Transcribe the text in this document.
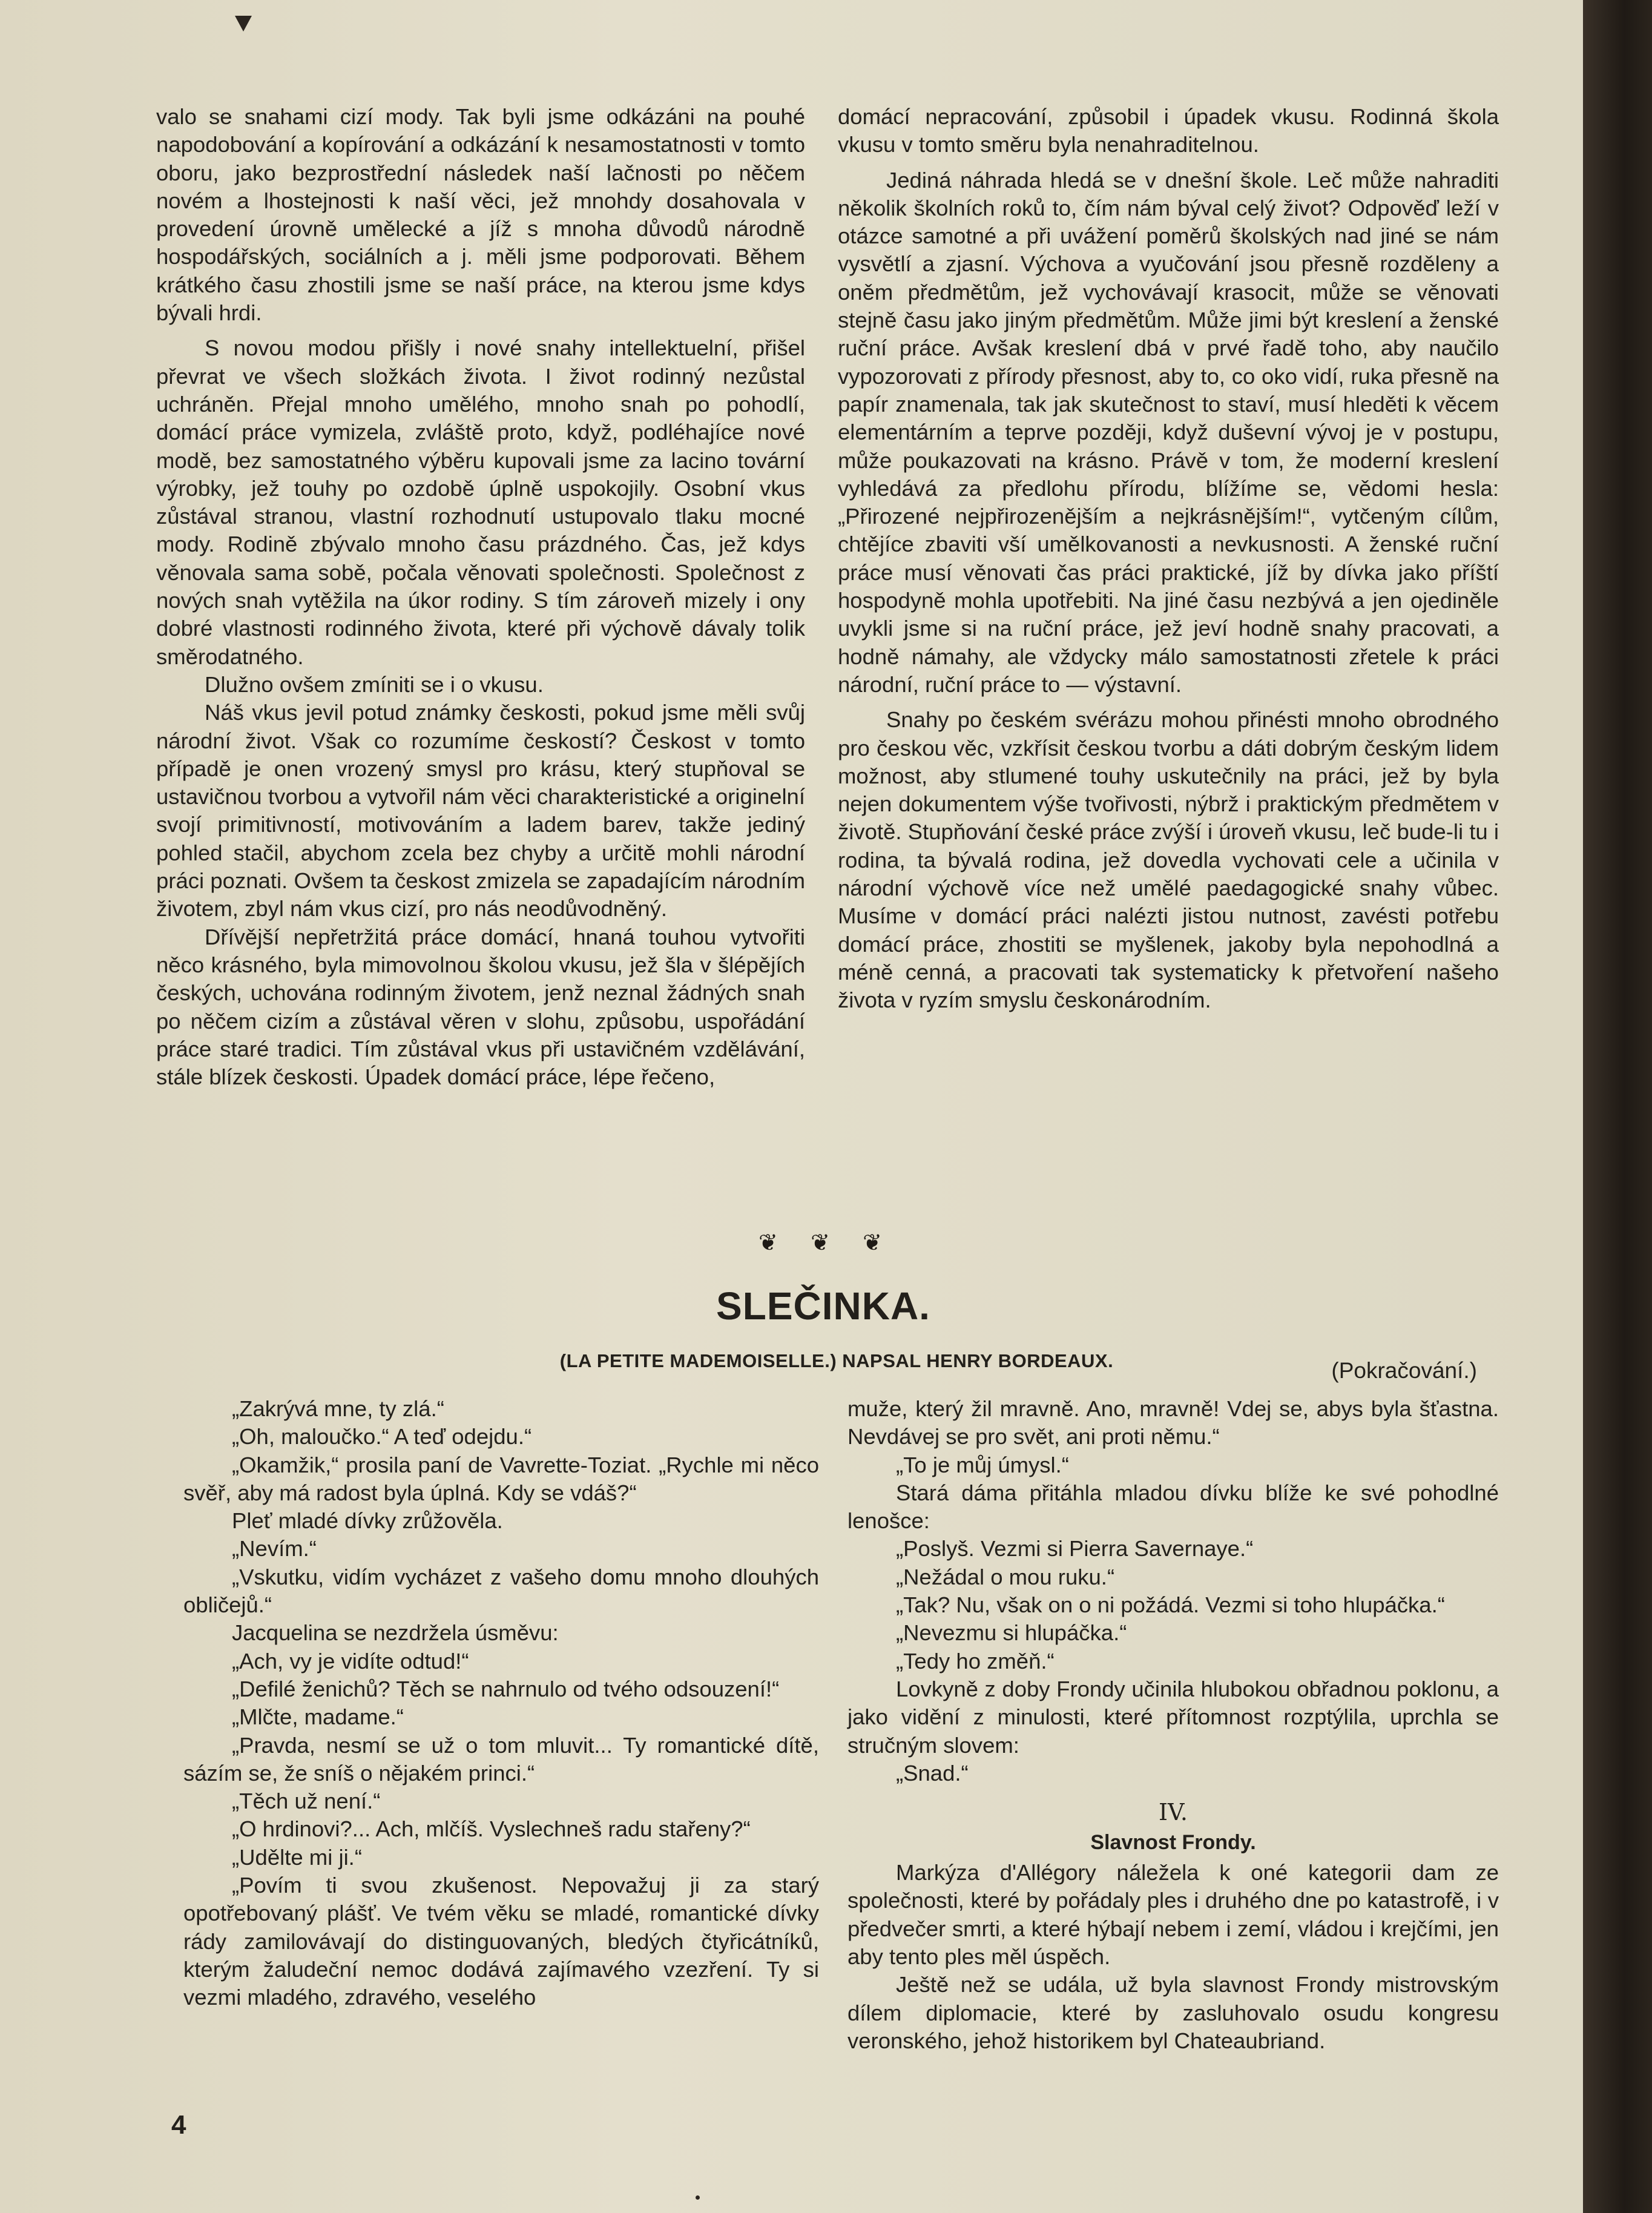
valo se snahami cizí mody. Tak byli jsme odkázáni na pouhé napodobování a kopírování a odkázání k nesamostatnosti v tomto oboru, jako bezprostřední následek naší lačnosti po něčem novém a lhostejnosti k naší věci, jež mnohdy dosahovala v provedení úrovně umělecké a jíž s mnoha důvodů národně hospodářských, sociálních a j. měli jsme podporovati. Během krátkého času zhostili jsme se naší práce, na kterou jsme kdys bývali hrdi.

S novou modou přišly i nové snahy intellektuelní, přišel převrat ve všech složkách života. I život rodinný nezůstal uchráněn. Přejal mnoho umělého, mnoho snah po pohodlí, domácí práce vymizela, zvláště proto, když, podléhajíce nové modě, bez samostatného výběru kupovali jsme za lacino tovární výrobky, jež touhy po ozdobě úplně uspokojily. Osobní vkus zůstával stranou, vlastní rozhodnutí ustupovalo tlaku mocné mody. Rodině zbývalo mnoho času prázdného. Čas, jež kdys věnovala sama sobě, počala věnovati společnosti. Společnost z nových snah vytěžila na úkor rodiny. S tím zároveň mizely i ony dobré vlastnosti rodinného života, které při výchově dávaly tolik směrodatného.

Dlužno ovšem zmíniti se i o vkusu.

Náš vkus jevil potud známky českosti, pokud jsme měli svůj národní život. Však co rozumíme českostí? Českost v tomto případě je onen vrozený smysl pro krásu, který stupňoval se ustavičnou tvorbou a vytvořil nám věci charakteristické a originelní svojí primitivností, motivováním a ladem barev, takže jediný pohled stačil, abychom zcela bez chyby a určitě mohli národní práci poznati. Ovšem ta českost zmizela se zapadajícím národním životem, zbyl nám vkus cizí, pro nás neodůvodněný.

Dřívější nepřetržitá práce domácí, hnaná touhou vytvořiti něco krásného, byla mimovolnou školou vkusu, jež šla v šlépějích českých, uchována rodinným životem, jenž neznal žádných snah po něčem cizím a zůstával věren v slohu, způsobu, uspořádání práce staré tradici. Tím zůstával vkus při ustavičném vzdělávání, stále blízek českosti. Úpadek domácí práce, lépe řečeno,

domácí nepracování, způsobil i úpadek vkusu. Rodinná škola vkusu v tomto směru byla nenahraditelnou.

Jediná náhrada hledá se v dnešní škole. Leč může nahraditi několik školních roků to, čím nám býval celý život? Odpověď leží v otázce samotné a při uvážení poměrů školských nad jiné se nám vysvětlí a zjasní. Výchova a vyučování jsou přesně rozděleny a oněm předmětům, jež vychovávají krasocit, může se věnovati stejně času jako jiným předmětům. Může jimi být kreslení a ženské ruční práce. Avšak kreslení dbá v prvé řadě toho, aby naučilo vypozorovati z přírody přesnost, aby to, co oko vidí, ruka přesně na papír znamenala, tak jak skutečnost to staví, musí hleděti k věcem elementárním a teprve později, když duševní vývoj je v postupu, může poukazovati na krásno. Právě v tom, že moderní kreslení vyhledává za předlohu přírodu, blížíme se, vědomi hesla: „Přirozené nejpřirozenějším a nejkrásnějším!“, vytčeným cílům, chtějíce zbaviti vší umělkovanosti a nevkusnosti. A ženské ruční práce musí věnovati čas práci praktické, jíž by dívka jako příští hospodyně mohla upotřebiti. Na jiné času nezbývá a jen ojediněle uvykli jsme si na ruční práce, jež jeví hodně snahy pracovati, a hodně námahy, ale vždycky málo samostatnosti zřetele k práci národní, ruční práce to — výstavní.

Snahy po českém svérázu mohou přinésti mnoho obrodného pro českou věc, vzkřísit českou tvorbu a dáti dobrým českým lidem možnost, aby stlumené touhy uskutečnily na práci, jež by byla nejen dokumentem výše tvořivosti, nýbrž i praktickým předmětem v životě. Stupňování české práce zvýší i úroveň vkusu, leč bude-li tu i rodina, ta bývalá rodina, jež dovedla vychovati cele a učinila v národní výchově více než umělé paedagogické snahy vůbec. Musíme v domácí práci nalézti jistou nutnost, zavésti potřebu domácí práce, zhostiti se myšlenek, jakoby byla nepohodlná a méně cenná, a pracovati tak systematicky k přetvoření našeho života v ryzím smyslu českonárodním.

❦ ❦ ❦
SLEČINKA.
(LA PETITE MADEMOISELLE.) NAPSAL HENRY BORDEAUX.	(Pokračování.)

„Zakrývá mne, ty zlá.“

„Oh, maloučko.“ A teď odejdu.“

„Okamžik,“ prosila paní de Vavrette-Toziat. „Rychle mi něco svěř, aby má radost byla úplná. Kdy se vdáš?“

Pleť mladé dívky zrůžověla.

„Nevím.“

„Vskutku, vidím vycházet z vašeho domu mnoho dlouhých obličejů.“

Jacquelina se nezdržela úsměvu:

„Ach, vy je vidíte odtud!“

„Defilé ženichů? Těch se nahrnulo od tvého odsouzení!“

„Mlčte, madame.“

„Pravda, nesmí se už o tom mluvit... Ty romantické dítě, sázím se, že sníš o nějakém princi.“

„Těch už není.“

„O hrdinovi?... Ach, mlčíš. Vyslechneš radu stařeny?“

„Udělte mi ji.“

„Povím ti svou zkušenost. Nepovažuj ji za starý opotřebovaný plášť. Ve tvém věku se mladé, romantické dívky rády zamilovávají do distinguovaných, bledých čtyřicátníků, kterým žaludeční nemoc dodává zajímavého vzezření. Ty si vezmi mladého, zdravého, veselého

muže, který žil mravně. Ano, mravně! Vdej se, abys byla šťastna. Nevdávej se pro svět, ani proti němu.“

„To je můj úmysl.“

Stará dáma přitáhla mladou dívku blíže ke své pohodlné lenošce:

„Poslyš. Vezmi si Pierra Savernaye.“

„Nežádal o mou ruku.“

„Tak? Nu, však on o ni požádá. Vezmi si toho hlupáčka.“

„Nevezmu si hlupáčka.“

„Tedy ho změň.“

Lovkyně z doby Frondy učinila hlubokou obřadnou poklonu, a jako vidění z minulosti, které přítomnost rozptýlila, uprchla se stručným slovem:

„Snad.“

IV.
Slavnost Frondy.

Markýza d'Allégory náležela k oné kategorii dam ze společnosti, které by pořádaly ples i druhého dne po katastrofě, i v předvečer smrti, a které hýbají nebem i zemí, vládou i krejčími, jen aby tento ples měl úspěch.

Ještě než se udála, už byla slavnost Frondy mistrovským dílem diplomacie, které by zasluhovalo osudu kongresu veronského, jehož historikem byl Chateaubriand.

4
